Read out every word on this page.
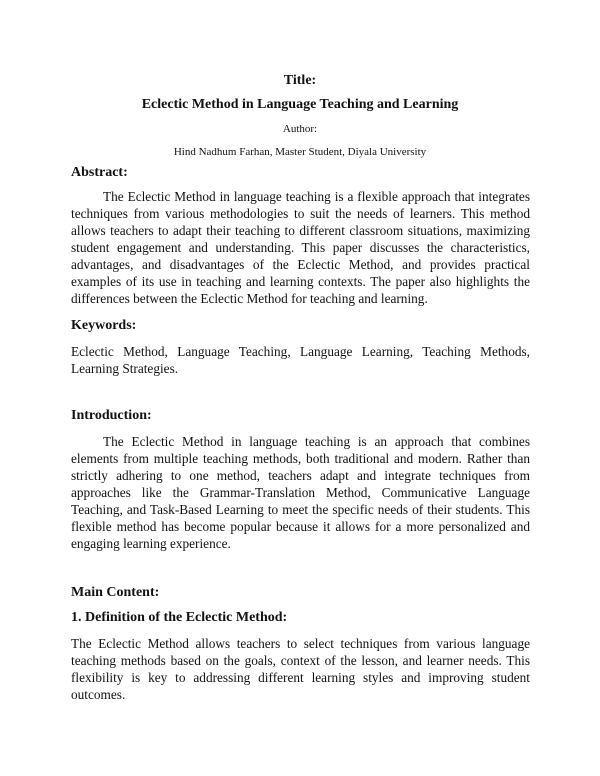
Title:
Eclectic Method in Language Teaching and Learning
Author:
Hind Nadhum Farhan, Master Student, Diyala University
Abstract:

The Eclectic Method in language teaching is a flexible approach that integrates techniques from various methodologies to suit the needs of learners. This method allows teachers to adapt their teaching to different classroom situations, maximizing student engagement and understanding. This paper discusses the characteristics, advantages, and disadvantages of the Eclectic Method, and provides practical examples of its use in teaching and learning contexts. The paper also highlights the differences between the Eclectic Method for teaching and learning.

Keywords:

Eclectic Method, Language Teaching, Language Learning, Teaching Methods, Learning Strategies.

Introduction:

The Eclectic Method in language teaching is an approach that combines elements from multiple teaching methods, both traditional and modern. Rather than strictly adhering to one method, teachers adapt and integrate techniques from approaches like the Grammar-Translation Method, Communicative Language Teaching, and Task-Based Learning to meet the specific needs of their students. This flexible method has become popular because it allows for a more personalized and engaging learning experience.

Main Content:
1. Definition of the Eclectic Method:

The Eclectic Method allows teachers to select techniques from various language teaching methods based on the goals, context of the lesson, and learner needs. This flexibility is key to addressing different learning styles and improving student outcomes.
